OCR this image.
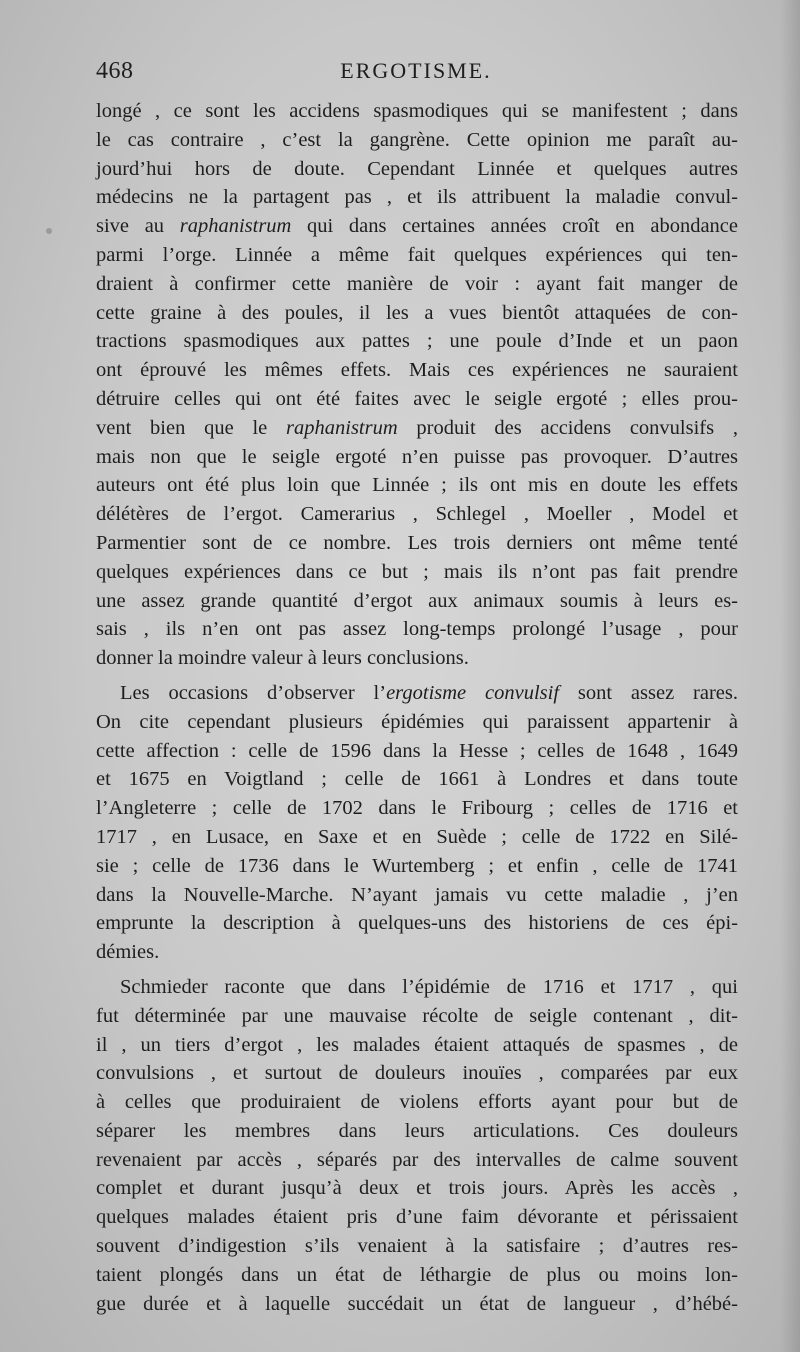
468	ERGOTISME.
longé , ce sont les accidens spasmodiques qui se manifestent ; dans
le cas contraire , c’est la gangrène. Cette opinion me paraît au-
jourd’hui hors de doute. Cependant Linnée et quelques autres
médecins ne la partagent pas , et ils attribuent la maladie convul-
sive au raphanistrum qui dans certaines années croît en abondance
parmi l’orge. Linnée a même fait quelques expériences qui ten-
draient à confirmer cette manière de voir : ayant fait manger de
cette graine à des poules, il les a vues bientôt attaquées de con-
tractions spasmodiques aux pattes ; une poule d’Inde et un paon
ont éprouvé les mêmes effets. Mais ces expériences ne sauraient
détruire celles qui ont été faites avec le seigle ergoté ; elles prou-
vent bien que le raphanistrum produit des accidens convulsifs ,
mais non que le seigle ergoté n’en puisse pas provoquer. D’autres
auteurs ont été plus loin que Linnée ; ils ont mis en doute les effets
délétères de l’ergot. Camerarius , Schlegel , Moeller , Model et
Parmentier sont de ce nombre. Les trois derniers ont même tenté
quelques expériences dans ce but ; mais ils n’ont pas fait prendre
une assez grande quantité d’ergot aux animaux soumis à leurs es-
sais , ils n’en ont pas assez long-temps prolongé l’usage , pour
donner la moindre valeur à leurs conclusions.
Les occasions d’observer l’ergotisme convulsif sont assez rares.
On cite cependant plusieurs épidémies qui paraissent appartenir à
cette affection : celle de 1596 dans la Hesse ; celles de 1648 , 1649
et 1675 en Voigtland ; celle de 1661 à Londres et dans toute
l’Angleterre ; celle de 1702 dans le Fribourg ; celles de 1716 et
1717 , en Lusace, en Saxe et en Suède ; celle de 1722 en Silé-
sie ; celle de 1736 dans le Wurtemberg ; et enfin , celle de 1741
dans la Nouvelle-Marche. N’ayant jamais vu cette maladie , j’en
emprunte la description à quelques-uns des historiens de ces épi-
démies.
Schmieder raconte que dans l’épidémie de 1716 et 1717 , qui
fut déterminée par une mauvaise récolte de seigle contenant , dit-
il , un tiers d’ergot , les malades étaient attaqués de spasmes , de
convulsions , et surtout de douleurs inouïes , comparées par eux
à celles que produiraient de violens efforts ayant pour but de
séparer les membres dans leurs articulations. Ces douleurs
revenaient par accès , séparés par des intervalles de calme souvent
complet et durant jusqu’à deux et trois jours. Après les accès ,
quelques malades étaient pris d’une faim dévorante et périssaient
souvent d’indigestion s’ils venaient à la satisfaire ; d’autres res-
taient plongés dans un état de léthargie de plus ou moins lon-
gue durée et à laquelle succédait un état de langueur , d’hébé-
